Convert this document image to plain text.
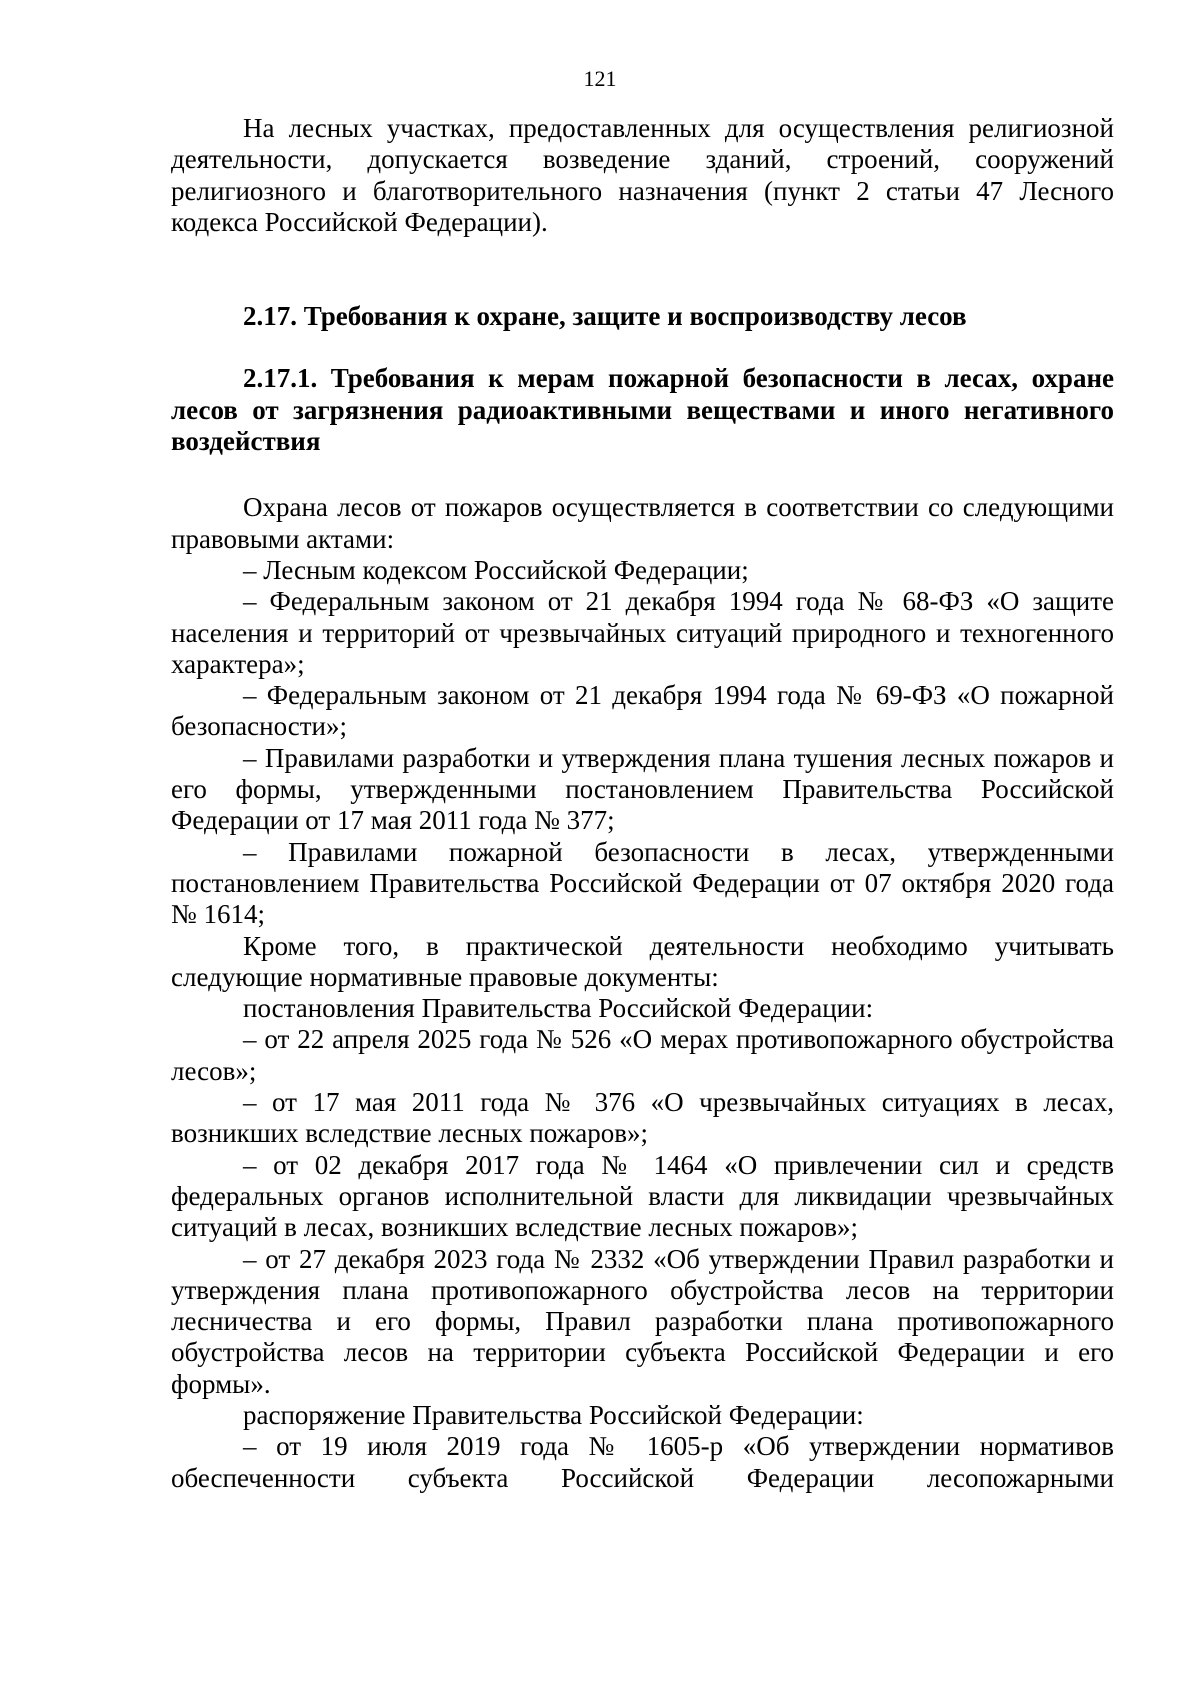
121

На лесных участках, предоставленных для осуществления религиозной деятельности, допускается возведение зданий, строений, сооружений религиозного и благотворительного назначения (пункт 2 статьи 47 Лесного кодекса Российской Федерации).

2.17. Требования к охране, защите и воспроизводству лесов

2.17.1. Требования к мерам пожарной безопасности в лесах, охране лесов от загрязнения радиоактивными веществами и иного негативного воздействия

Охрана лесов от пожаров осуществляется в соответствии со следующими правовыми актами:

– Лесным кодексом Российской Федерации;

– Федеральным законом от 21 декабря 1994 года № 68-ФЗ «О защите населения и территорий от чрезвычайных ситуаций природного и техногенного характера»;

– Федеральным законом от 21 декабря 1994 года № 69-ФЗ «О пожарной безопасности»;

– Правилами разработки и утверждения плана тушения лесных пожаров и его формы, утвержденными постановлением Правительства Российской Федерации от 17 мая 2011 года № 377;

– Правилами пожарной безопасности в лесах, утвержденными постановлением Правительства Российской Федерации от 07 октября 2020 года № 1614;

Кроме того, в практической деятельности необходимо учитывать следующие нормативные правовые документы:

постановления Правительства Российской Федерации:

– от 22 апреля 2025 года № 526 «О мерах противопожарного обустройства лесов»;

– от 17 мая 2011 года № 376 «О чрезвычайных ситуациях в лесах, возникших вследствие лесных пожаров»;

– от 02 декабря 2017 года № 1464 «О привлечении сил и средств федеральных органов исполнительной власти для ликвидации чрезвычайных ситуаций в лесах, возникших вследствие лесных пожаров»;

– от 27 декабря 2023 года № 2332 «Об утверждении Правил разработки и утверждения плана противопожарного обустройства лесов на территории лесничества и его формы, Правил разработки плана противопожарного обустройства лесов на территории субъекта Российской Федерации и его формы».

распоряжение Правительства Российской Федерации:

– от 19 июля 2019 года № 1605-р «Об утверждении нормативов обеспеченности субъекта Российской Федерации лесопожарными
